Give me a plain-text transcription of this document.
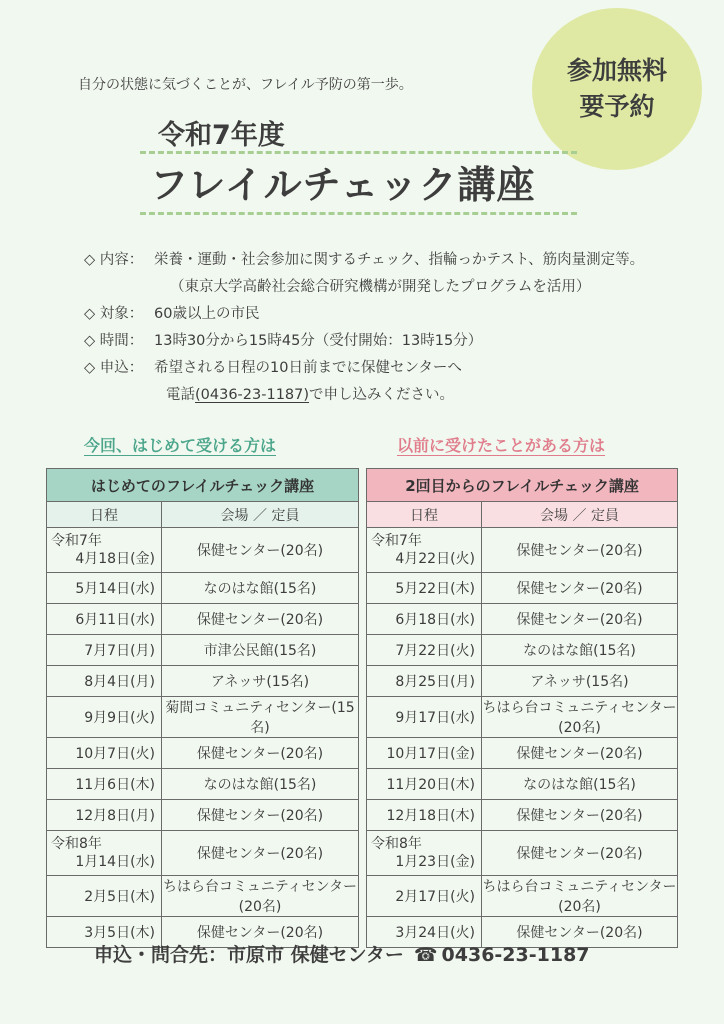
参加無料
要予約
自分の状態に気づくことが、フレイル予防の第一歩。
令和7年度
フレイルチェック講座
◇ 内容： 栄養・運動・社会参加に関するチェック、指輪っかテスト、筋肉量測定等。
（東京大学高齢社会総合研究機構が開発したプログラムを活用）
◇ 対象： 60歳以上の市民
◇ 時間： 13時30分から15時45分（受付開始：13時15分）
◇ 申込： 希望される日程の10日前までに保健センターへ
電話(0436-23-1187)で申し込みください。
今回、はじめて受ける方は	以前に受けたことがある方は
はじめてのフレイルチェック講座	
日程	会場 ／ 定員
令和7年
4月18日(金)	保健センター(20名)
5月14日(水)	なのはな館(15名)
6月11日(水)	保健センター(20名)
7月7日(月)	市津公民館(15名)
8月4日(月)	アネッサ(15名)
9月9日(火)	菊間コミュニティセンター(15名)
10月7日(火)	保健センター(20名)
11月6日(木)	なのはな館(15名)
12月8日(月)	保健センター(20名)
令和8年
1月14日(水)	保健センター(20名)
2月5日(木)	ちはら台コミュニティセンター(20名)
3月5日(木)	保健センター(20名)
2回目からのフレイルチェック講座	
日程	会場 ／ 定員
令和7年
4月22日(火)	保健センター(20名)
5月22日(木)	保健センター(20名)
6月18日(水)	保健センター(20名)
7月22日(火)	なのはな館(15名)
8月25日(月)	アネッサ(15名)
9月17日(水)	ちはら台コミュニティセンター(20名)
10月17日(金)	保健センター(20名)
11月20日(木)	なのはな館(15名)
12月18日(木)	保健センター(20名)
令和8年
1月23日(金)	保健センター(20名)
2月17日(火)	ちはら台コミュニティセンター(20名)
3月24日(火)	保健センター(20名)
申込・問合先：市原市 保健センター ☎ 0436-23-1187
